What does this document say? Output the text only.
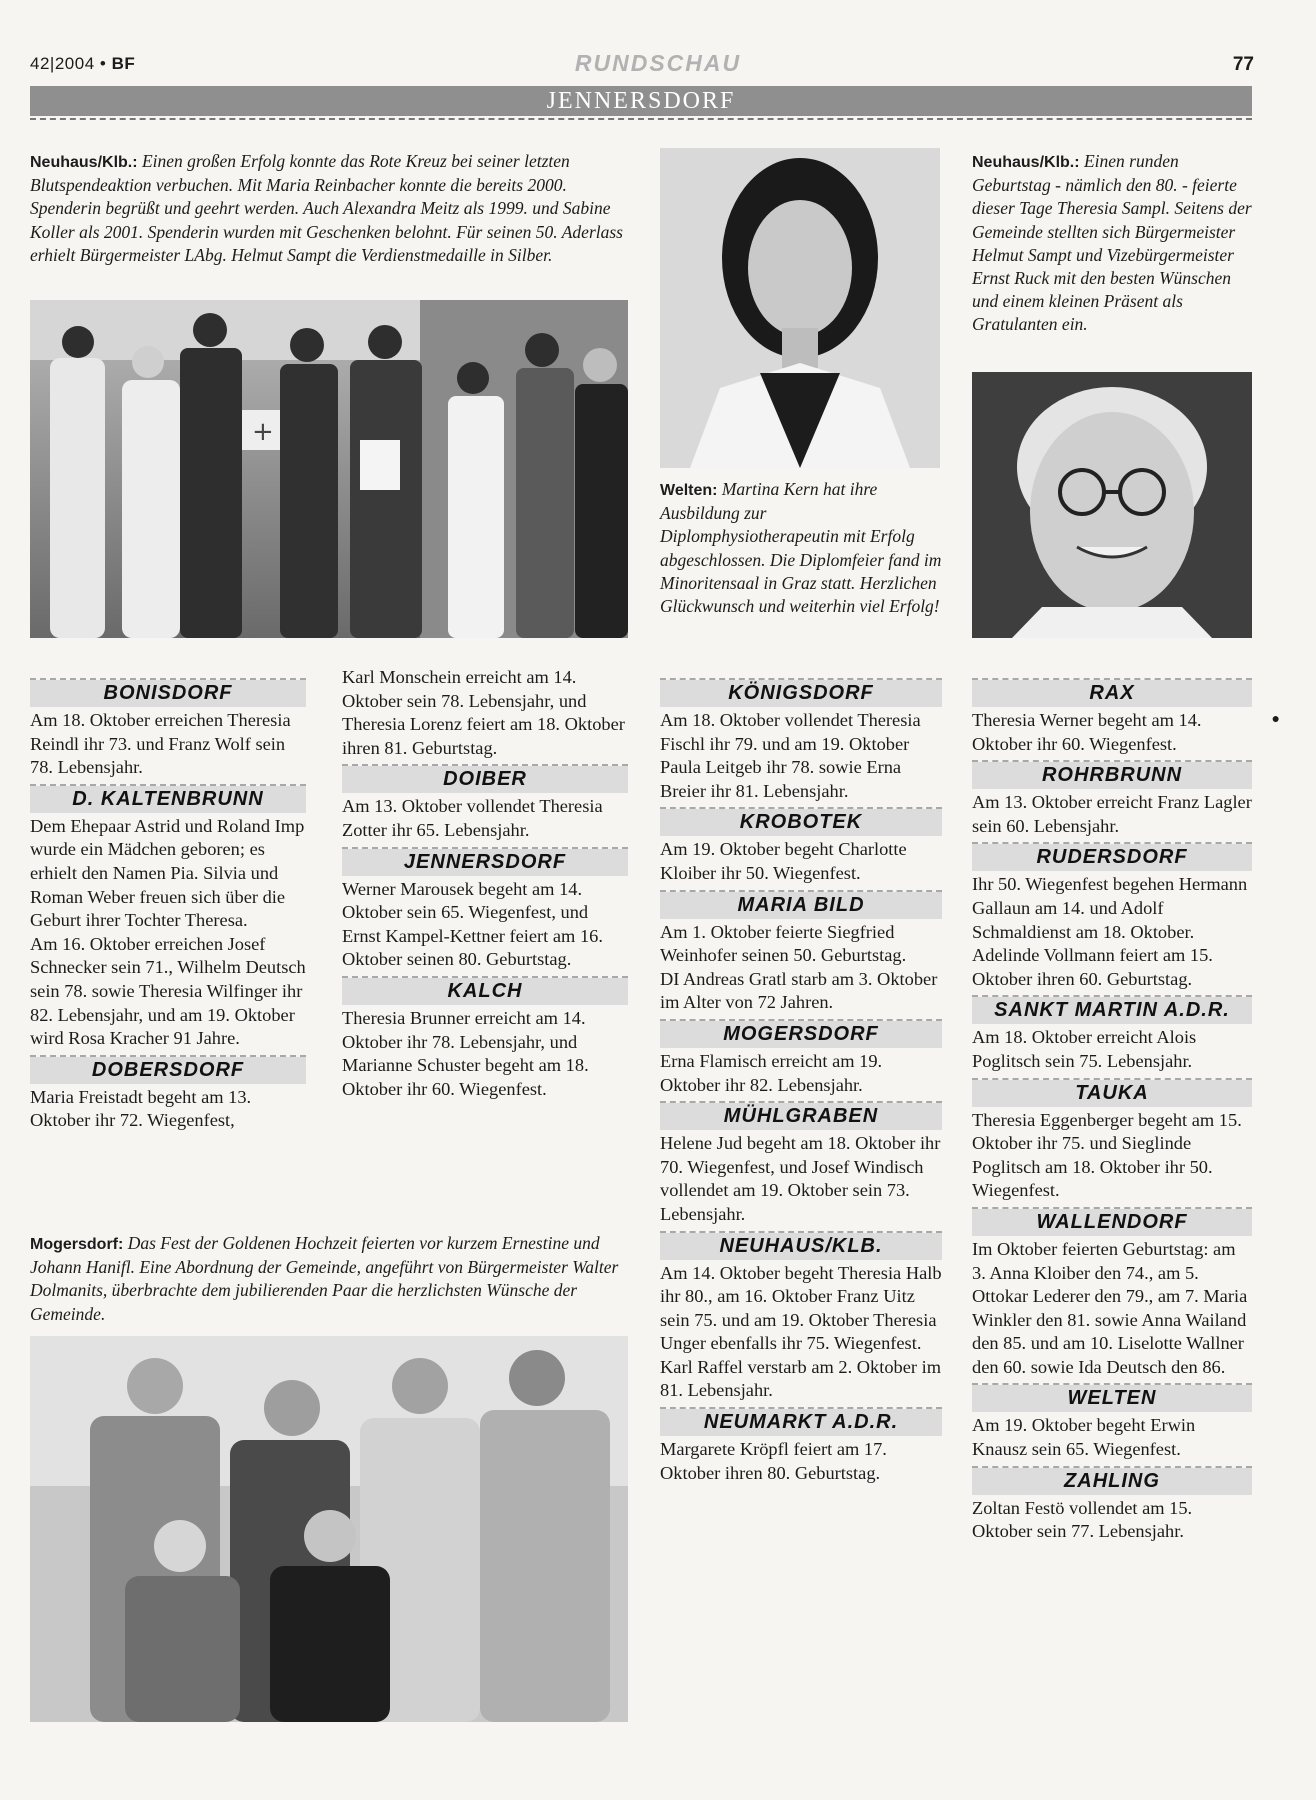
42|2004 • BF	RUNDSCHAU	77
JENNERSDORF
Neuhaus/Klb.: Einen großen Erfolg konnte das Rote Kreuz bei seiner letzten Blutspendeaktion verbuchen. Mit Maria Reinbacher konnte die bereits 2000. Spenderin begrüßt und geehrt werden. Auch Alexandra Meitz als 1999. und Sabine Koller als 2001. Spenderin wurden mit Geschenken belohnt. Für seinen 50. Aderlass erhielt Bürgermeister LAbg. Helmut Sampt die Verdienstmedaille in Silber.
+
Welten: Martina Kern hat ihre Ausbildung zur Diplomphysiotherapeutin mit Erfolg abgeschlossen. Die Diplomfeier fand im Minoritensaal in Graz statt. Herzlichen Glückwunsch und weiterhin viel Erfolg!
Neuhaus/Klb.: Einen runden Geburtstag - nämlich den 80. - feierte dieser Tage Theresia Sampl. Seitens der Gemeinde stellten sich Bürgermeister Helmut Sampt und Vizebürgermeister Ernst Ruck mit den besten Wünschen und einem kleinen Präsent als Gratulanten ein.
BONISDORF
Am 18. Oktober erreichen Theresia Reindl ihr 73. und Franz Wolf sein 78. Lebensjahr.
D. KALTENBRUNN
Dem Ehepaar Astrid und Roland Imp wurde ein Mädchen geboren; es erhielt den Namen Pia. Silvia und Roman Weber freuen sich über die Geburt ihrer Tochter Theresa.
Am 16. Oktober erreichen Josef Schnecker sein 71., Wilhelm Deutsch sein 78. sowie Theresia Wilfinger ihr 82. Lebensjahr, und am 19. Oktober wird Rosa Kracher 91 Jahre.
DOBERSDORF
Maria Freistadt begeht am 13. Oktober ihr 72. Wiegenfest,
Karl Monschein erreicht am 14. Oktober sein 78. Lebensjahr, und Theresia Lorenz feiert am 18. Oktober ihren 81. Geburtstag.
DOIBER
Am 13. Oktober vollendet Theresia Zotter ihr 65. Lebensjahr.
JENNERSDORF
Werner Marousek begeht am 14. Oktober sein 65. Wiegenfest, und Ernst Kampel-Kettner feiert am 16. Oktober seinen 80. Geburtstag.
KALCH
Theresia Brunner erreicht am 14. Oktober ihr 78. Lebensjahr, und Marianne Schuster begeht am 18. Oktober ihr 60. Wiegenfest.
Mogersdorf: Das Fest der Goldenen Hochzeit feierten vor kurzem Ernestine und Johann Hanifl. Eine Abordnung der Gemeinde, angeführt von Bürgermeister Walter Dolmanits, überbrachte dem jubilierenden Paar die herzlichsten Wünsche der Gemeinde.
KÖNIGSDORF
Am 18. Oktober vollendet Theresia Fischl ihr 79. und am 19. Oktober Paula Leitgeb ihr 78. sowie Erna Breier ihr 81. Lebensjahr.
KROBOTEK
Am 19. Oktober begeht Charlotte Kloiber ihr 50. Wiegenfest.
MARIA BILD
Am 1. Oktober feierte Siegfried Weinhofer seinen 50. Geburtstag.
DI Andreas Gratl starb am 3. Oktober im Alter von 72 Jahren.
MOGERSDORF
Erna Flamisch erreicht am 19. Oktober ihr 82. Lebensjahr.
MÜHLGRABEN
Helene Jud begeht am 18. Oktober ihr 70. Wiegenfest, und Josef Windisch vollendet am 19. Oktober sein 73. Lebensjahr.
NEUHAUS/KLB.
Am 14. Oktober begeht Theresia Halb ihr 80., am 16. Oktober Franz Uitz sein 75. und am 19. Oktober Theresia Unger ebenfalls ihr 75. Wiegenfest.
Karl Raffel verstarb am 2. Oktober im 81. Lebensjahr.
NEUMARKT A.D.R.
Margarete Kröpfl feiert am 17. Oktober ihren 80. Geburtstag.
RAX
Theresia Werner begeht am 14. Oktober ihr 60. Wiegenfest.
ROHRBRUNN
Am 13. Oktober erreicht Franz Lagler sein 60. Lebensjahr.
RUDERSDORF
Ihr 50. Wiegenfest begehen Hermann Gallaun am 14. und Adolf Schmaldienst am 18. Oktober. Adelinde Vollmann feiert am 15. Oktober ihren 60. Geburtstag.
SANKT MARTIN A.D.R.
Am 18. Oktober erreicht Alois Poglitsch sein 75. Lebensjahr.
TAUKA
Theresia Eggenberger begeht am 15. Oktober ihr 75. und Sieglinde Poglitsch am 18. Oktober ihr 50. Wiegenfest.
WALLENDORF
Im Oktober feierten Geburtstag: am 3. Anna Kloiber den 74., am 5. Ottokar Lederer den 79., am 7. Maria Winkler den 81. sowie Anna Wailand den 85. und am 10. Liselotte Wallner den 60. sowie Ida Deutsch den 86.
WELTEN
Am 19. Oktober begeht Erwin Knausz sein 65. Wiegenfest.
ZAHLING
Zoltan Festö vollendet am 15. Oktober sein 77. Lebensjahr.
●
